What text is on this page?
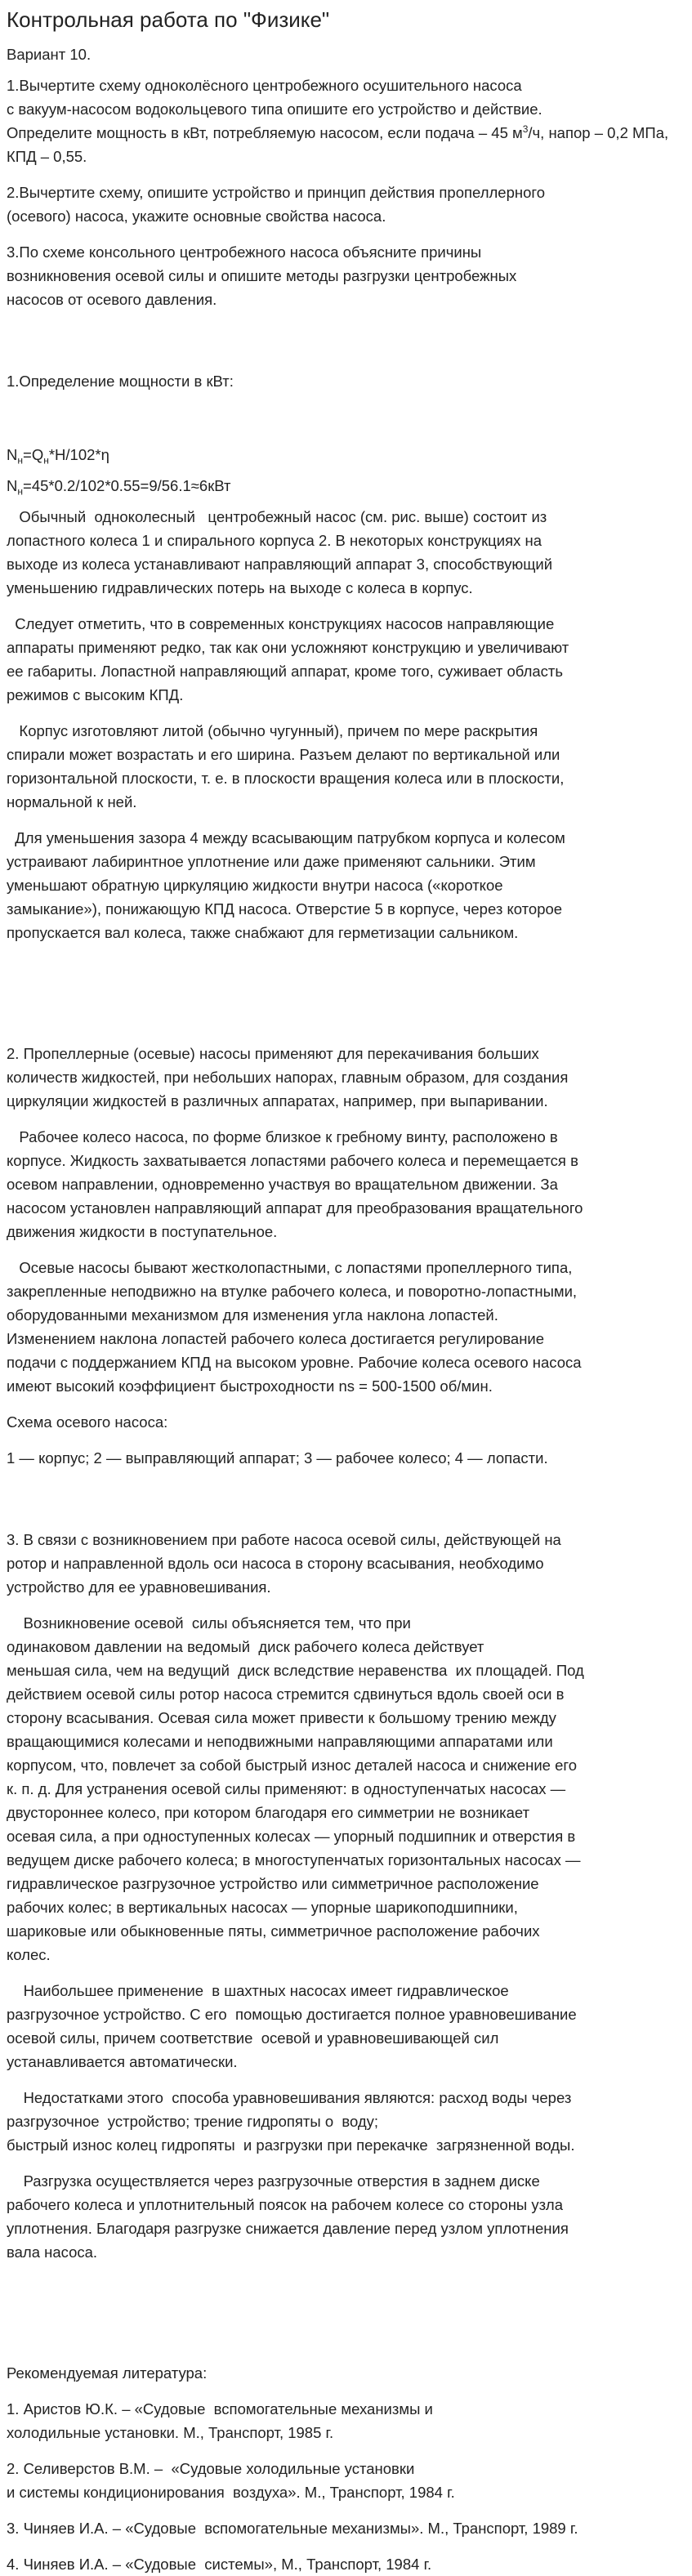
Контрольная работа по "Физике"

Вариант 10.

1.Вычертите схему одноколёсного центробежного осушительного насоса
с вакуум-насосом водокольцевого типа опишите его устройство и действие.
Определите мощность в кВт, потребляемую насосом, если подача – 45 $м^3/ч$, напор – 0,2 МПа, КПД – 0,55.

2.Вычертите схему, опишите устройство и принцип действия пропеллерного
(осевого) насоса, укажите основные свойства насоса.

3.По схеме консольного центробежного насоса объясните причины
возникновения осевой силы и опишите методы разгрузки центробежных
насосов от осевого давления.

1.Определение мощности в кВт:

$N_н=Q_н*H/102*\eta$

$N_н=45*0.2/102*0.55=9/56.1\approx 6кВт$

Обычный  одноколесный   центробежный насос (см. рис. выше) состоит из
лопастного колеса 1 и спирального корпуса 2. В некоторых конструкциях на
выходе из колеса устанавливают направляющий аппарат 3, способствующий
уменьшению гидравлических потерь на выходе с колеса в корпус.

Следует отметить, что в современных конструкциях насосов направляющие
аппараты применяют редко, так как они усложняют конструкцию и увеличивают
ее габариты. Лопастной направляющий аппарат, кроме того, суживает область
режимов с высоким КПД.

Корпус изготовляют литой (обычно чугунный), причем по мере раскрытия
спирали может возрастать и его ширина. Разъем делают по вертикальной или
горизонтальной плоскости, т. е. в плоскости вращения колеса или в плоскости,
нормальной к ней.

Для уменьшения зазора 4 между всасывающим патрубком корпуса и колесом
устраивают лабиринтное уплотнение или даже применяют сальники. Этим
уменьшают обратную циркуляцию жидкости внутри насоса («короткое
замыкание»), понижающую КПД насоса. Отверстие 5 в корпусе, через которое
пропускается вал колеса, также снабжают для герметизации сальником.

2. Пропеллерные (осевые) насосы применяют для перекачивания больших
количеств жидкостей, при небольших напорах, главным образом, для создания
циркуляции жидкостей в различных аппаратах, например, при выпаривании.

Рабочее колесо насоса, по форме близкое к гребному винту, расположено в
корпусе. Жидкость захватывается лопастями рабочего колеса и перемещается в
осевом направлении, одновременно участвуя во вращательном движении. За
насосом установлен направляющий аппарат для преобразования вращательного
движения жидкости в поступательное.

Осевые насосы бывают жестколопастными, с лопастями пропеллерного типа,
закрепленные неподвижно на втулке рабочего колеса, и поворотно-лопастными,
оборудованными механизмом для изменения угла наклона лопастей.
Изменением наклона лопастей рабочего колеса достигается регулирование
подачи с поддержанием КПД на высоком уровне. Рабочие колеса осевого насоса
имеют высокий коэффициент быстроходности ns = 500-1500 об/мин.

Схема осевого насоса:

1 — корпус; 2 — выправляющий аппарат; 3 — рабочее колесо; 4 — лопасти.

3. В связи с возникновением при работе насоса осевой силы, действующей на
ротор и направленной вдоль оси насоса в сторону всасывания, необходимо
устройство для ее уравновешивания.

Возникновение осевой  силы объясняется тем, что при
одинаковом давлении на ведомый  диск рабочего колеса действует
меньшая сила, чем на ведущий  диск вследствие неравенства  их площадей. Под
действием осевой силы ротор насоса стремится сдвинуться вдоль своей оси в
сторону всасывания. Осевая сила может привести к большому трению между
вращающимися колесами и неподвижными направляющими аппаратами или
корпусом, что, повлечет за собой быстрый износ деталей насоса и снижение его
к. п. д. Для устранения осевой силы применяют: в одноступенчатых насосах —
двустороннее колесо, при котором благодаря его симметрии не возникает
осевая сила, а при одноступенных колесах — упорный подшипник и отверстия в
ведущем диске рабочего колеса; в многоступенчатых горизонтальных насосах —
гидравлическое разгрузочное устройство или симметричное расположение
рабочих колес; в вертикальных насосах — упорные шарикоподшипники,
шариковые или обыкновенные пяты, симметричное расположение рабочих
колес.

Наибольшее применение  в шахтных насосах имеет гидравлическое
разгрузочное устройство. С его  помощью достигается полное уравновешивание
осевой силы, причем соответствие  осевой и уравновешивающей сил
устанавливается автоматически.

Недостатками этого  способа уравновешивания являются: расход воды через
разгрузочное  устройство; трение гидропяты о  воду;
быстрый износ колец гидропяты  и разгрузки при перекачке  загрязненной воды.

Разгрузка осуществляется через разгрузочные отверстия в заднем диске
рабочего колеса и уплотнительный поясок на рабочем колесе со стороны узла
уплотнения. Благодаря разгрузке снижается давление перед узлом уплотнения
вала насоса.

Рекомендуемая литература:

1. Аристов Ю.К. – «Судовые  вспомогательные механизмы и
холодильные установки. М., Транспорт, 1985 г.

2. Селиверстов В.М. –  «Судовые холодильные установки
и системы кондиционирования  воздуха». М., Транспорт, 1984 г.

3. Чиняев И.А. – «Судовые  вспомогательные механизмы». М., Транспорт, 1989 г.

4. Чиняев И.А. – «Судовые  системы», М., Транспорт, 1984 г.
